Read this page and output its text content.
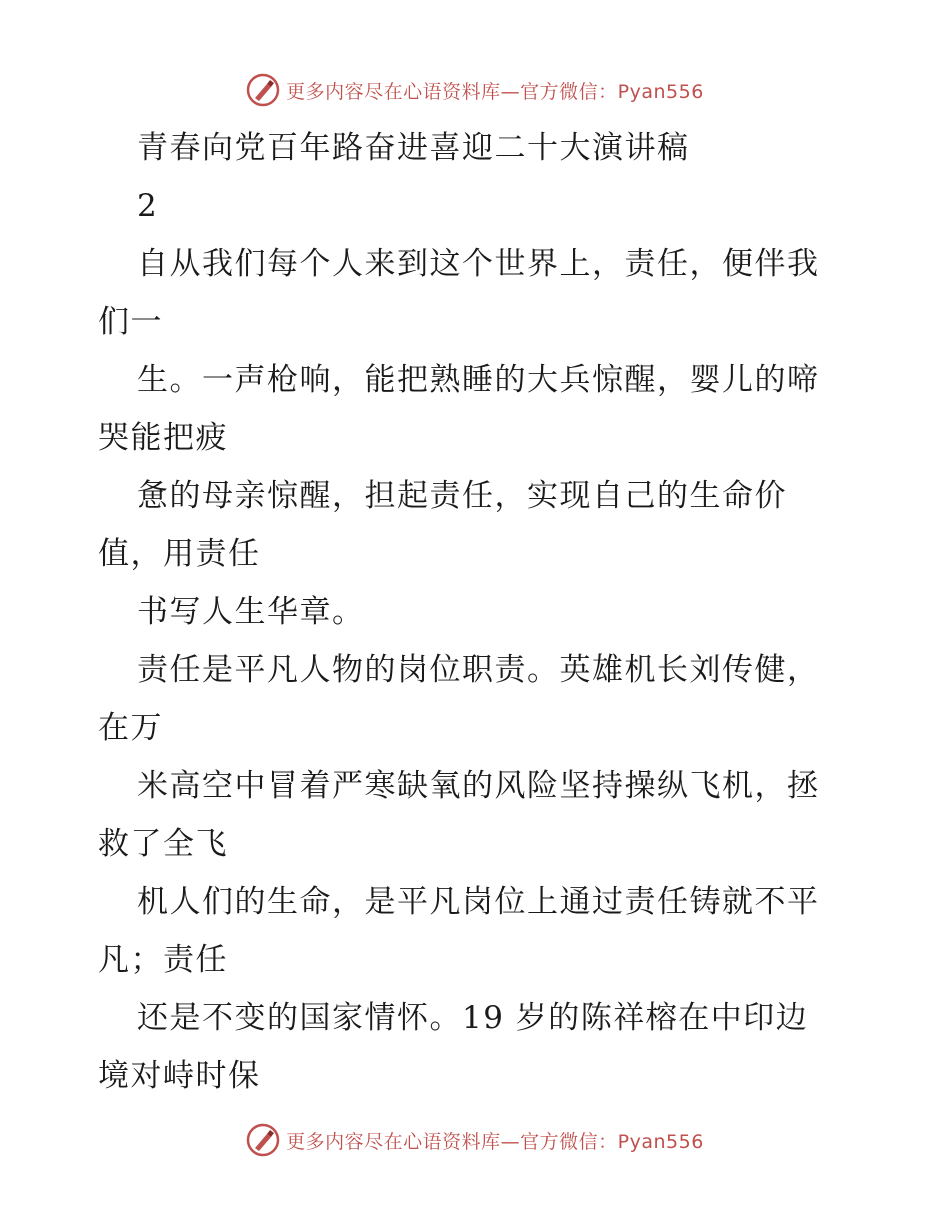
更多内容尽在心语资料库—官方微信：Pyan556
青春向党百年路奋进喜迎二十大演讲稿
2
自从我们每个人来到这个世界上，责任，便伴我
们一
生。一声枪响，能把熟睡的大兵惊醒，婴儿的啼
哭能把疲
惫的母亲惊醒，担起责任，实现自己的生命价
值，用责任
书写人生华章。
责任是平凡人物的岗位职责。英雄机长刘传健，
在万
米高空中冒着严寒缺氧的风险坚持操纵飞机，拯
救了全飞
机人们的生命，是平凡岗位上通过责任铸就不平
凡；责任
还是不变的国家情怀。19 岁的陈祥榕在中印边
境对峙时保
更多内容尽在心语资料库—官方微信：Pyan556
